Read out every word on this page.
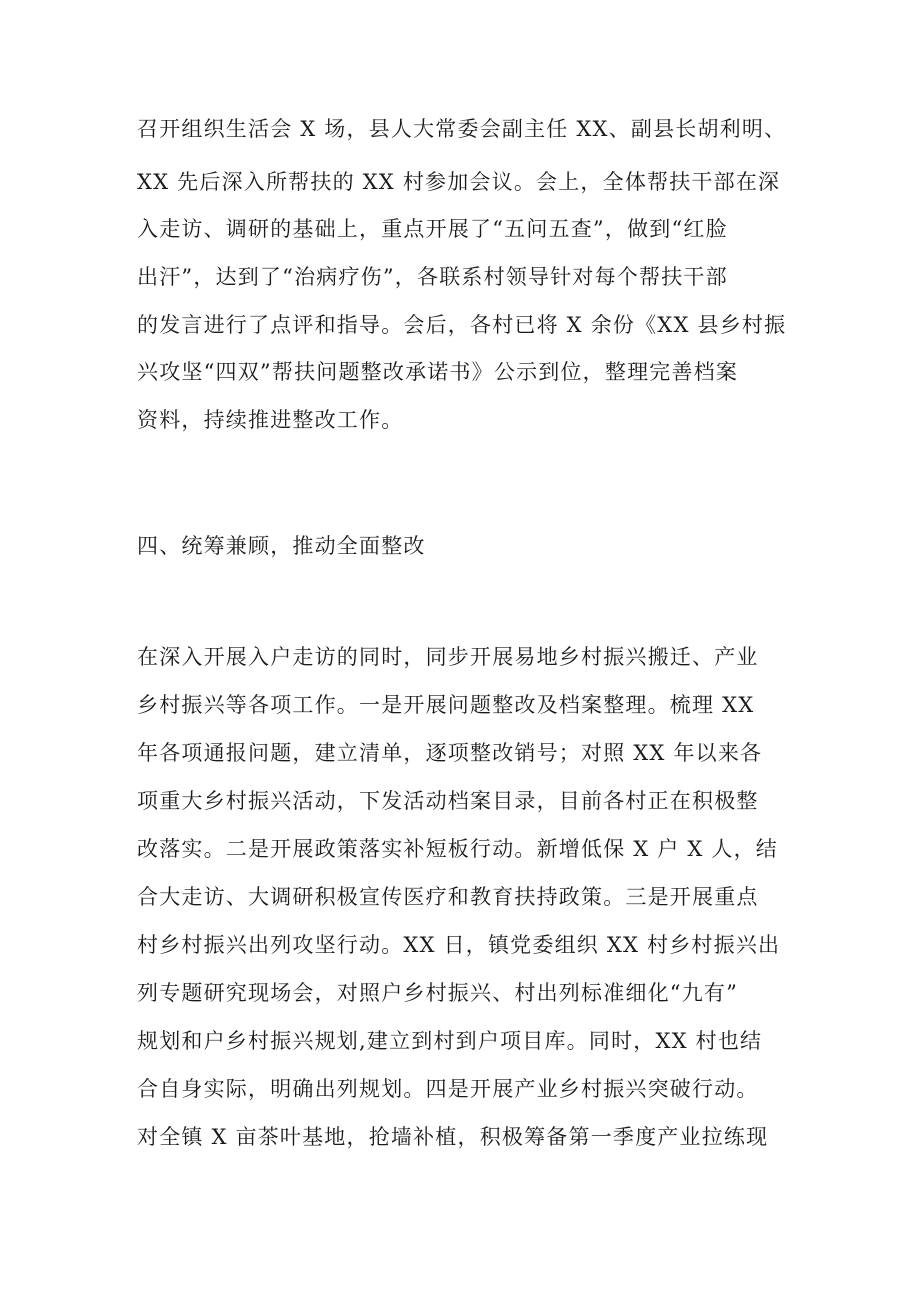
召开组织生活会 X 场，县人大常委会副主任 XX、副县长胡利明、
XX 先后深入所帮扶的 XX 村参加会议。会上，全体帮扶干部在深
入走访、调研的基础上，重点开展了“五问五查”，做到“红脸
出汗”，达到了“治病疗伤”，各联系村领导针对每个帮扶干部
的发言进行了点评和指导。会后，各村已将 X 余份《XX 县乡村振
兴攻坚“四双”帮扶问题整改承诺书》公示到位，整理完善档案
资料，持续推进整改工作。
四、统筹兼顾，推动全面整改
在深入开展入户走访的同时，同步开展易地乡村振兴搬迁、产业
乡村振兴等各项工作。一是开展问题整改及档案整理。梳理 XX
年各项通报问题，建立清单，逐项整改销号；对照 XX 年以来各
项重大乡村振兴活动，下发活动档案目录，目前各村正在积极整
改落实。二是开展政策落实补短板行动。新增低保 X 户 X 人，结
合大走访、大调研积极宣传医疗和教育扶持政策。三是开展重点
村乡村振兴出列攻坚行动。XX 日，镇党委组织 XX 村乡村振兴出
列专题研究现场会，对照户乡村振兴、村出列标准细化“九有”
规划和户乡村振兴规划,建立到村到户项目库。同时，XX 村也结
合自身实际，明确出列规划。四是开展产业乡村振兴突破行动。
对全镇 X 亩茶叶基地，抢墙补植，积极筹备第一季度产业拉练现
